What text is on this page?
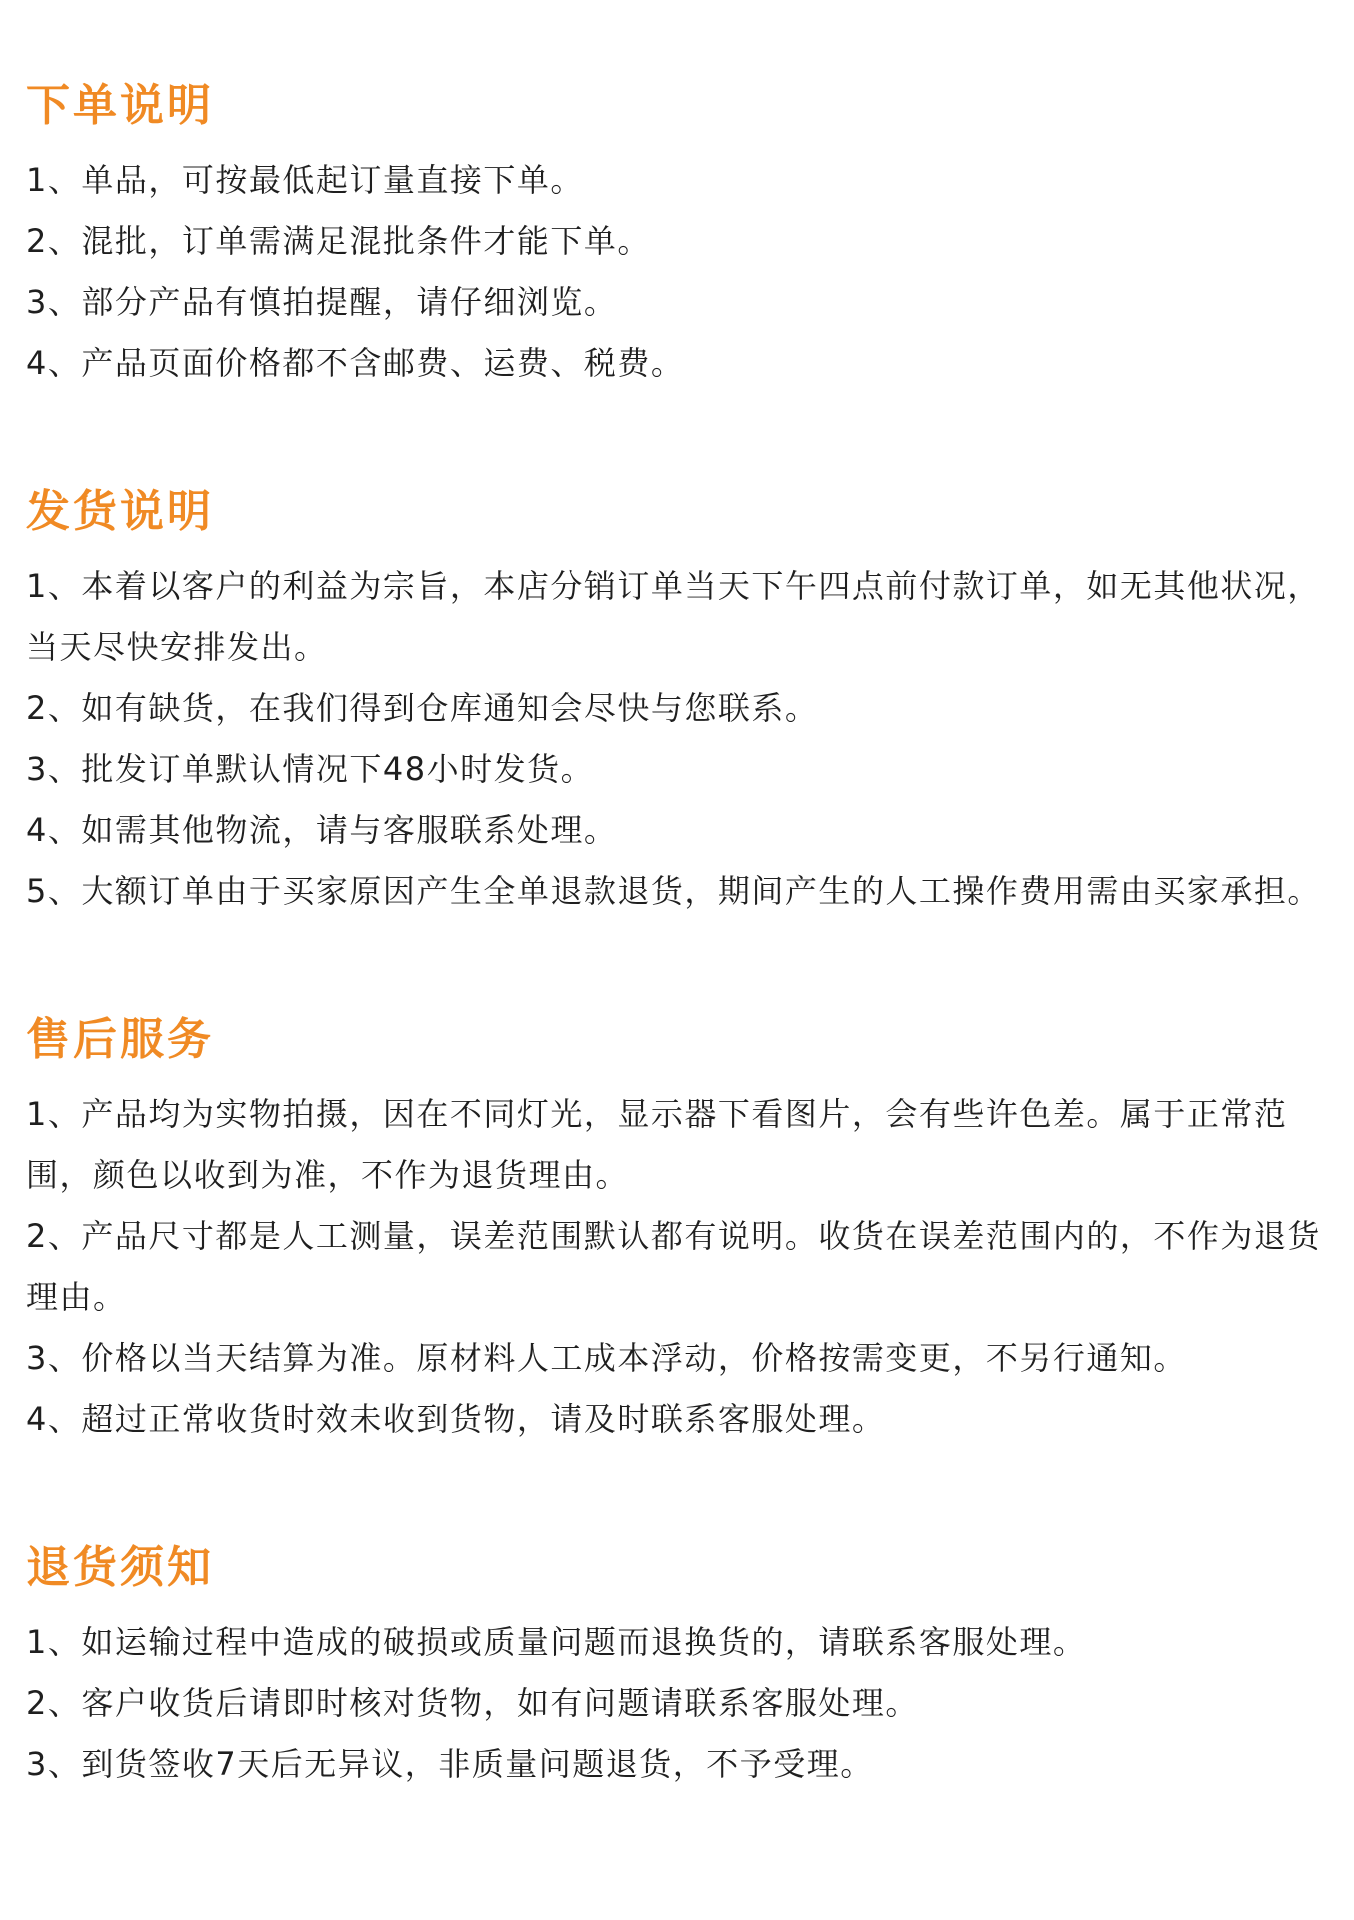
下单说明
1、单品，可按最低起订量直接下单。
2、混批，订单需满足混批条件才能下单。
3、部分产品有慎拍提醒，请仔细浏览。
4、产品页面价格都不含邮费、运费、税费。
发货说明
1、本着以客户的利益为宗旨，本店分销订单当天下午四点前付款订单，如无其他状况， 当天尽快安排发出。
2、如有缺货，在我们得到仓库通知会尽快与您联系。
3、批发订单默认情况下48小时发货。
4、如需其他物流，请与客服联系处理。
5、大额订单由于买家原因产生全单退款退货，期间产生的人工操作费用需由买家承担。
售后服务
1、产品均为实物拍摄，因在不同灯光，显示器下看图片，会有些许色差。属于正常范围，颜色以收到为准，不作为退货理由。
2、产品尺寸都是人工测量，误差范围默认都有说明。收货在误差范围内的，不作为退货理由。
3、价格以当天结算为准。原材料人工成本浮动，价格按需变更，不另行通知。
4、超过正常收货时效未收到货物，请及时联系客服处理。
退货须知
1、如运输过程中造成的破损或质量问题而退换货的，请联系客服处理。
2、客户收货后请即时核对货物，如有问题请联系客服处理。
3、到货签收7天后无异议，非质量问题退货，不予受理。
